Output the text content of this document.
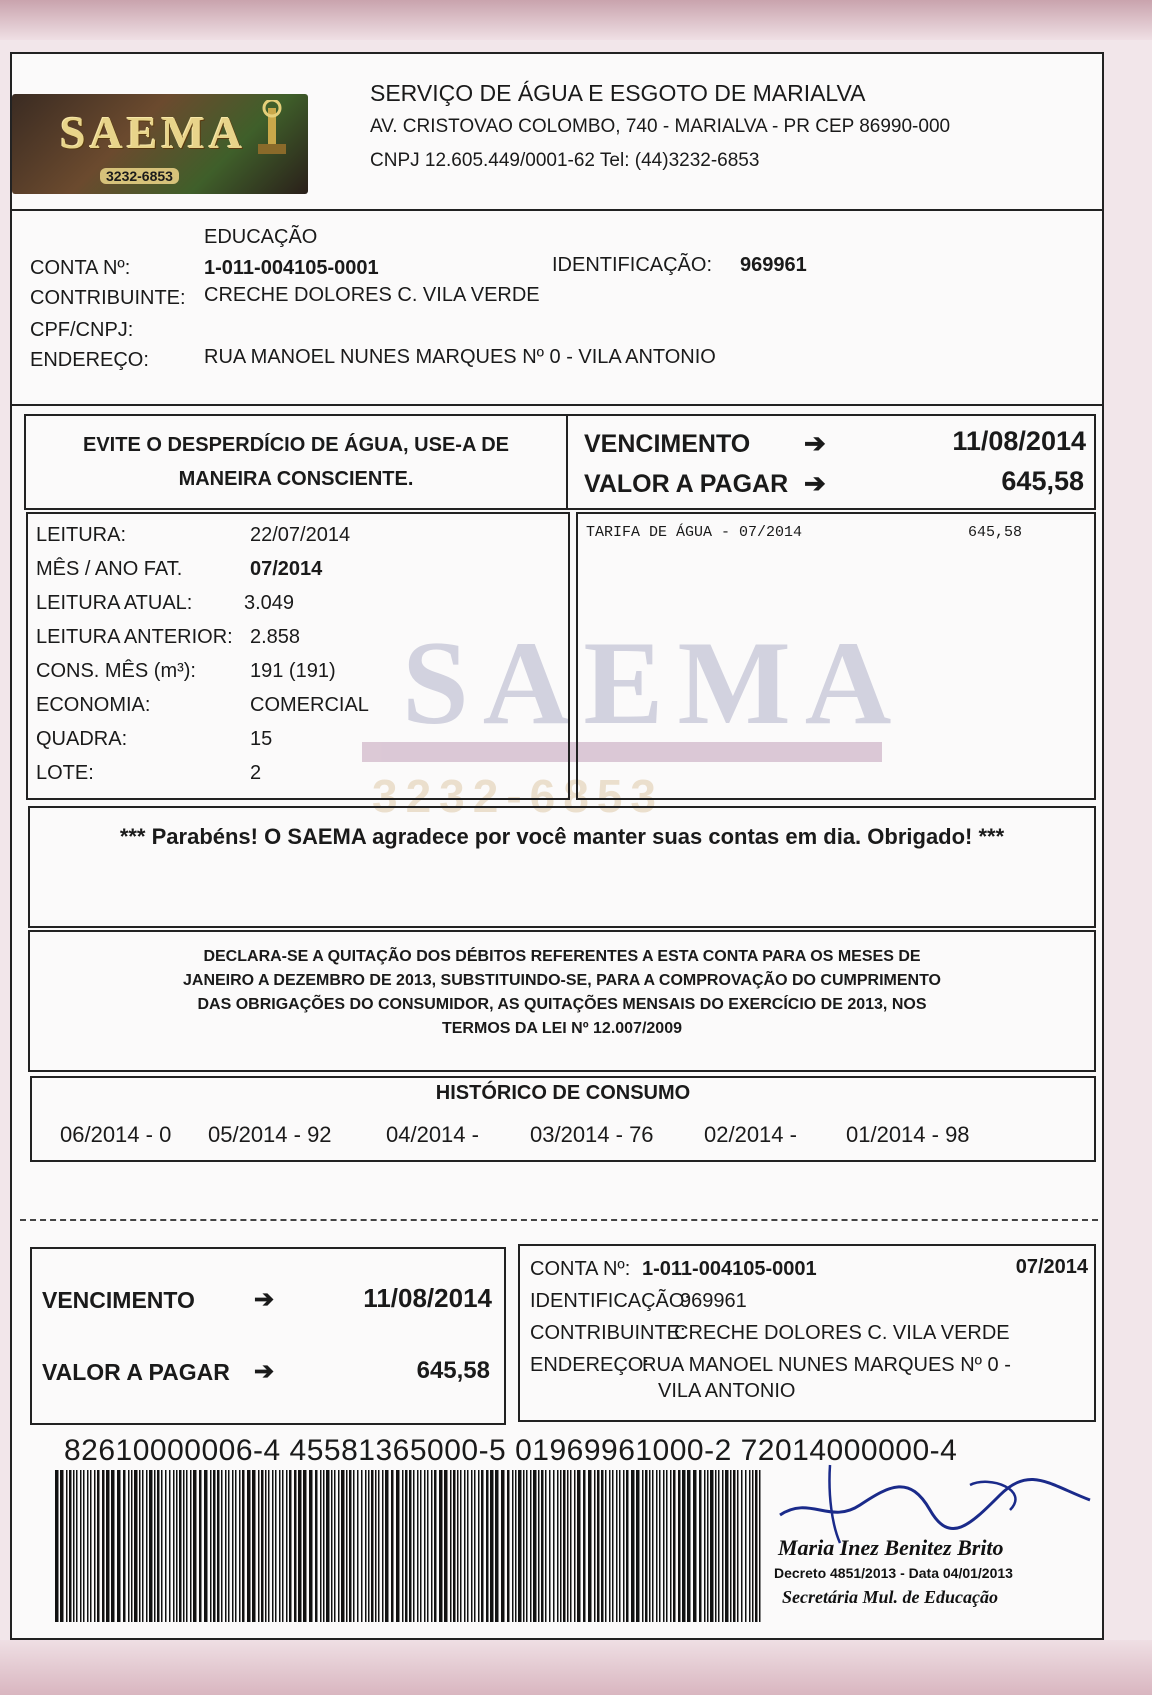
SAEMA
3232-6853
SERVIÇO DE ÁGUA E ESGOTO DE MARIALVA
AV. CRISTOVAO COLOMBO, 740 - MARIALVA - PR CEP 86990-000
CNPJ 12.605.449/0001-62 Tel: (44)3232-6853
EDUCAÇÃO
CONTA Nº:	1-011-004105-0001	IDENTIFICAÇÃO: 969961
CONTRIBUINTE: CRECHE DOLORES C. VILA VERDE
CPF/CNPJ:
ENDEREÇO:	RUA MANOEL NUNES MARQUES Nº 0 - VILA ANTONIO
EVITE O DESPERDÍCIO DE ÁGUA, USE-A DE
MANEIRA CONSCIENTE.
VENCIMENTO ➔	11/08/2014
VALOR A PAGAR ➔	645,58
SAEMA
3232-6853
LEITURA:	22/07/2014
MÊS / ANO FAT.	07/2014
LEITURA ATUAL:	3.049
LEITURA ANTERIOR: 2.858
CONS. MÊS (m³):	191 (191)
ECONOMIA:	COMERCIAL
QUADRA:	15
LOTE:	2
TARIFA DE ÁGUA - 07/2014	645,58
*** Parabéns! O SAEMA agradece por você manter suas contas em dia. Obrigado! ***
DECLARA-SE A QUITAÇÃO DOS DÉBITOS REFERENTES A ESTA CONTA PARA OS MESES DE
JANEIRO A DEZEMBRO DE 2013, SUBSTITUINDO-SE, PARA A COMPROVAÇÃO DO CUMPRIMENTO
DAS OBRIGAÇÕES DO CONSUMIDOR, AS QUITAÇÕES MENSAIS DO EXERCÍCIO DE 2013, NOS
TERMOS DA LEI Nº 12.007/2009
HISTÓRICO DE CONSUMO
06/2014 - 0 05/2014 - 92 04/2014 - 03/2014 - 76 02/2014 - 01/2014 - 98
VENCIMENTO ➔	11/08/2014
VALOR A PAGAR ➔	645,58
CONTA Nº: 1-011-004105-0001	07/2014
IDENTIFICAÇÃO:
969961
CONTRIBUINTE:
CRECHE DOLORES C. VILA VERDE
ENDEREÇO:
RUA MANOEL NUNES MARQUES Nº 0 -
VILA ANTONIO
82610000006-4 45581365000-5 01969961000-2 72014000000-4
Maria Inez Benitez Brito
Decreto 4851/2013 - Data 04/01/2013
Secretária Mul. de Educação
